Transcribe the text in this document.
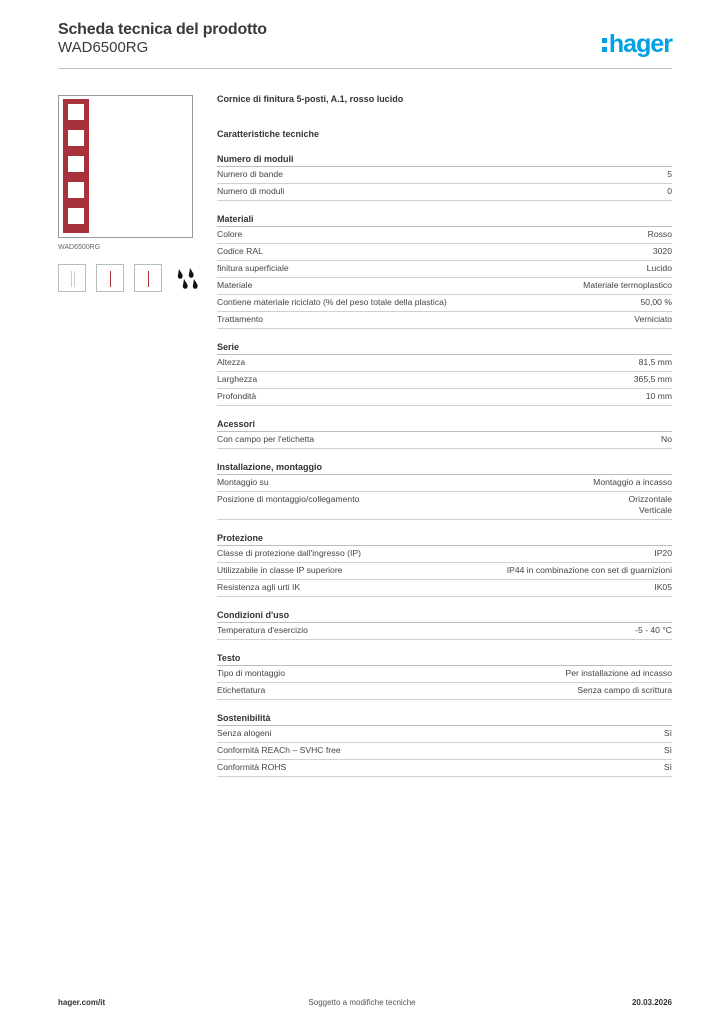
Scheda tecnica del prodotto
WAD6500RG	hager
WAD6500RG
Cornice di finitura 5-posti, A.1, rosso lucido
Caratteristiche tecniche
Numero di moduli
Numero di bande	5
Numero di moduli	0
Materiali
Colore	Rosso
Codice RAL	3020
finitura superficiale	Lucido
Materiale	Materiale termoplastico
Contiene materiale riciclato (% del peso totale della plastica)	50,00 %
Trattamento	Verniciato
Serie
Altezza	81,5 mm
Larghezza	365,5 mm
Profondità	10 mm
Acessori
Con campo per l'etichetta	No
Installazione, montaggio
Montaggio su	Montaggio a incasso
Posizione di montaggio/collegamento	Orizzontale
Verticale
Protezione
Classe di protezione dall'ingresso (IP)	IP20
Utilizzabile in classe IP superiore	IP44 in combinazione con set di guarnizioni
Resistenza agli urti IK	IK05
Condizioni d'uso
Temperatura d'esercizio	-5 - 40 °C
Testo
Tipo di montaggio	Per installazione ad incasso
Etichettatura	Senza campo di scrittura
Sostenibilità
Senza alogeni	Sì
Conformità REACh – SVHC free	Sì
Conformità ROHS	Sì
hager.com/it	Soggetto a modifiche tecniche	20.03.2026
